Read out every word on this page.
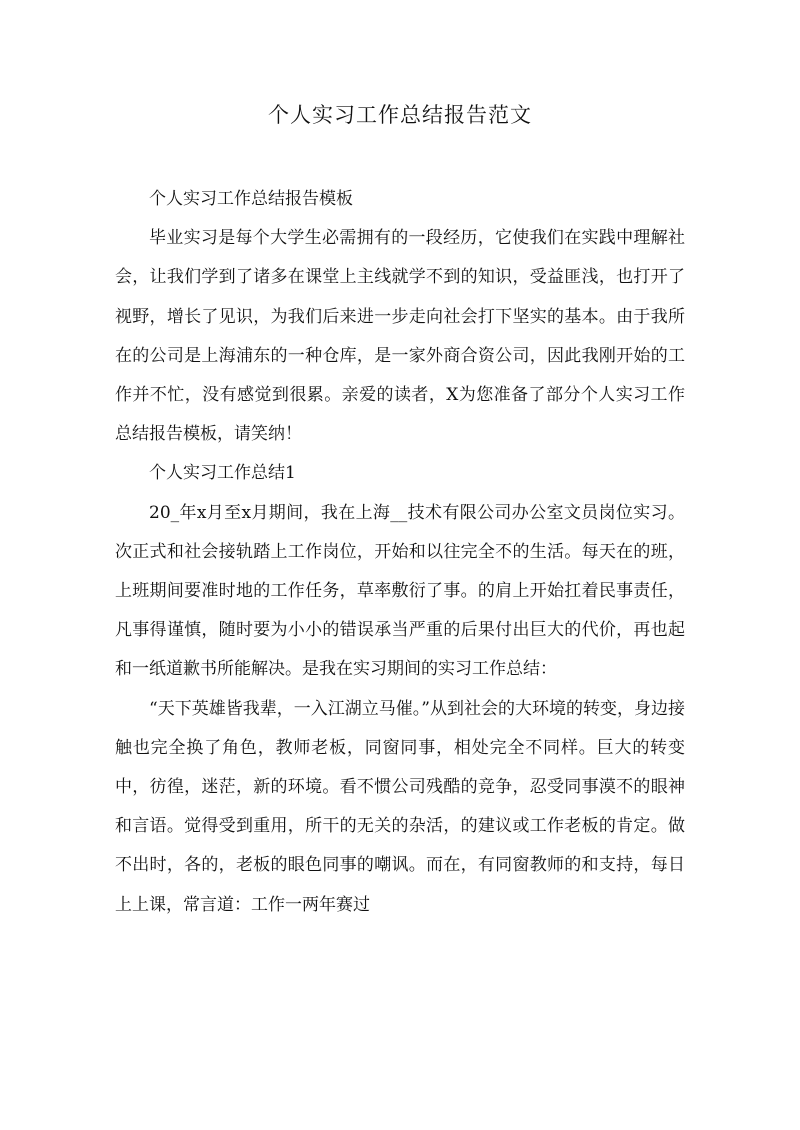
个人实习工作总结报告范文

个人实习工作总结报告模板

毕业实习是每个大学生必需拥有的一段经历，它使我们在实践中理解社会，让我们学到了诸多在课堂上主线就学不到的知识，受益匪浅，也打开了视野，增长了见识，为我们后来进一步走向社会打下坚实的基本。由于我所在的公司是上海浦东的一种仓库，是一家外商合资公司，因此我刚开始的工作并不忙，没有感觉到很累。亲爱的读者，X为您准备了部分个人实习工作总结报告模板，请笑纳！

个人实习工作总结1

20_年x月至x月期间，我在上海__技术有限公司办公室文员岗位实习。次正式和社会接轨踏上工作岗位，开始和以往完全不的生活。每天在的班，上班期间要准时地的工作任务，草率敷衍了事。的肩上开始扛着民事责任，凡事得谨慎，随时要为小小的错误承当严重的后果付出巨大的代价，再也起和一纸道歉书所能解决。是我在实习期间的实习工作总结：

“天下英雄皆我辈，一入江湖立马催。”从到社会的大环境的转变，身边接触也完全换了角色，教师老板，同窗同事，相处完全不同样。巨大的转变中，彷徨，迷茫，新的环境。看不惯公司残酷的竞争，忍受同事漠不的眼神和言语。觉得受到重用，所干的无关的杂活，的建议或工作老板的肯定。做不出时，各的，老板的眼色同事的嘲讽。而在，有同窗教师的和支持，每日上上课，常言道：工作一两年赛过
